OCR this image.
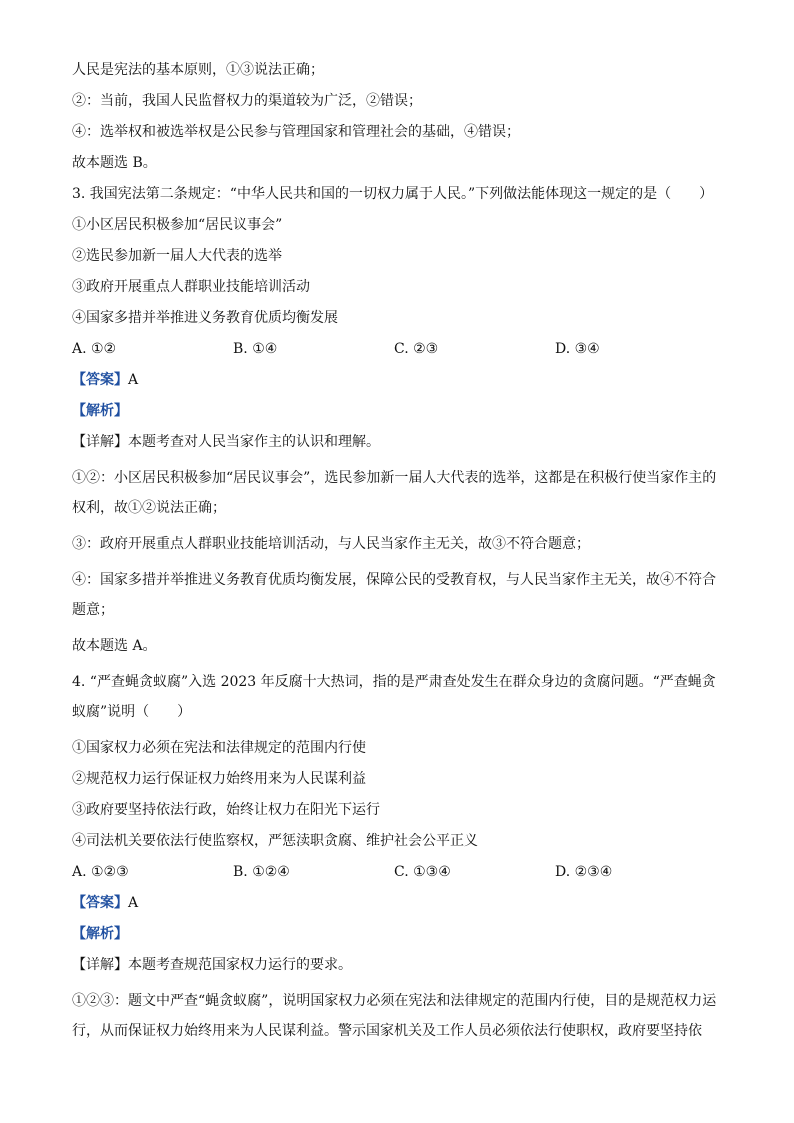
人民是宪法的基本原则，①③说法正确；
②：当前，我国人民监督权力的渠道较为广泛，②错误；
④：选举权和被选举权是公民参与管理国家和管理社会的基础，④错误；
故本题选 B。
3. 我国宪法第二条规定：“中华人民共和国的一切权力属于人民。”下列做法能体现这一规定的是（　　）
①小区居民积极参加“居民议事会”
②选民参加新一届人大代表的选举
③政府开展重点人群职业技能培训活动
④国家多措并举推进义务教育优质均衡发展
A. ①②	B. ①④	C. ②③	D. ③④
【答案】A
【解析】
【详解】本题考查对人民当家作主的认识和理解。
①②：小区居民积极参加“居民议事会”，选民参加新一届人大代表的选举，这都是在积极行使当家作主的权利，故①②说法正确；
③：政府开展重点人群职业技能培训活动，与人民当家作主无关，故③不符合题意；
④：国家多措并举推进义务教育优质均衡发展，保障公民的受教育权，与人民当家作主无关，故④不符合题意；
故本题选 A。
4. “严查蝇贪蚁腐”入选 2023 年反腐十大热词，指的是严肃查处发生在群众身边的贪腐问题。“严查蝇贪蚁腐”说明（　　）
①国家权力必须在宪法和法律规定的范围内行使
②规范权力运行保证权力始终用来为人民谋利益
③政府要坚持依法行政，始终让权力在阳光下运行
④司法机关要依法行使监察权，严惩渎职贪腐、维护社会公平正义
A. ①②③	B. ①②④	C. ①③④	D. ②③④
【答案】A
【解析】
【详解】本题考查规范国家权力运行的要求。
①②③：题文中严查“蝇贪蚁腐”，说明国家权力必须在宪法和法律规定的范围内行使，目的是规范权力运行，从而保证权力始终用来为人民谋利益。警示国家机关及工作人员必须依法行使职权，政府要坚持依
